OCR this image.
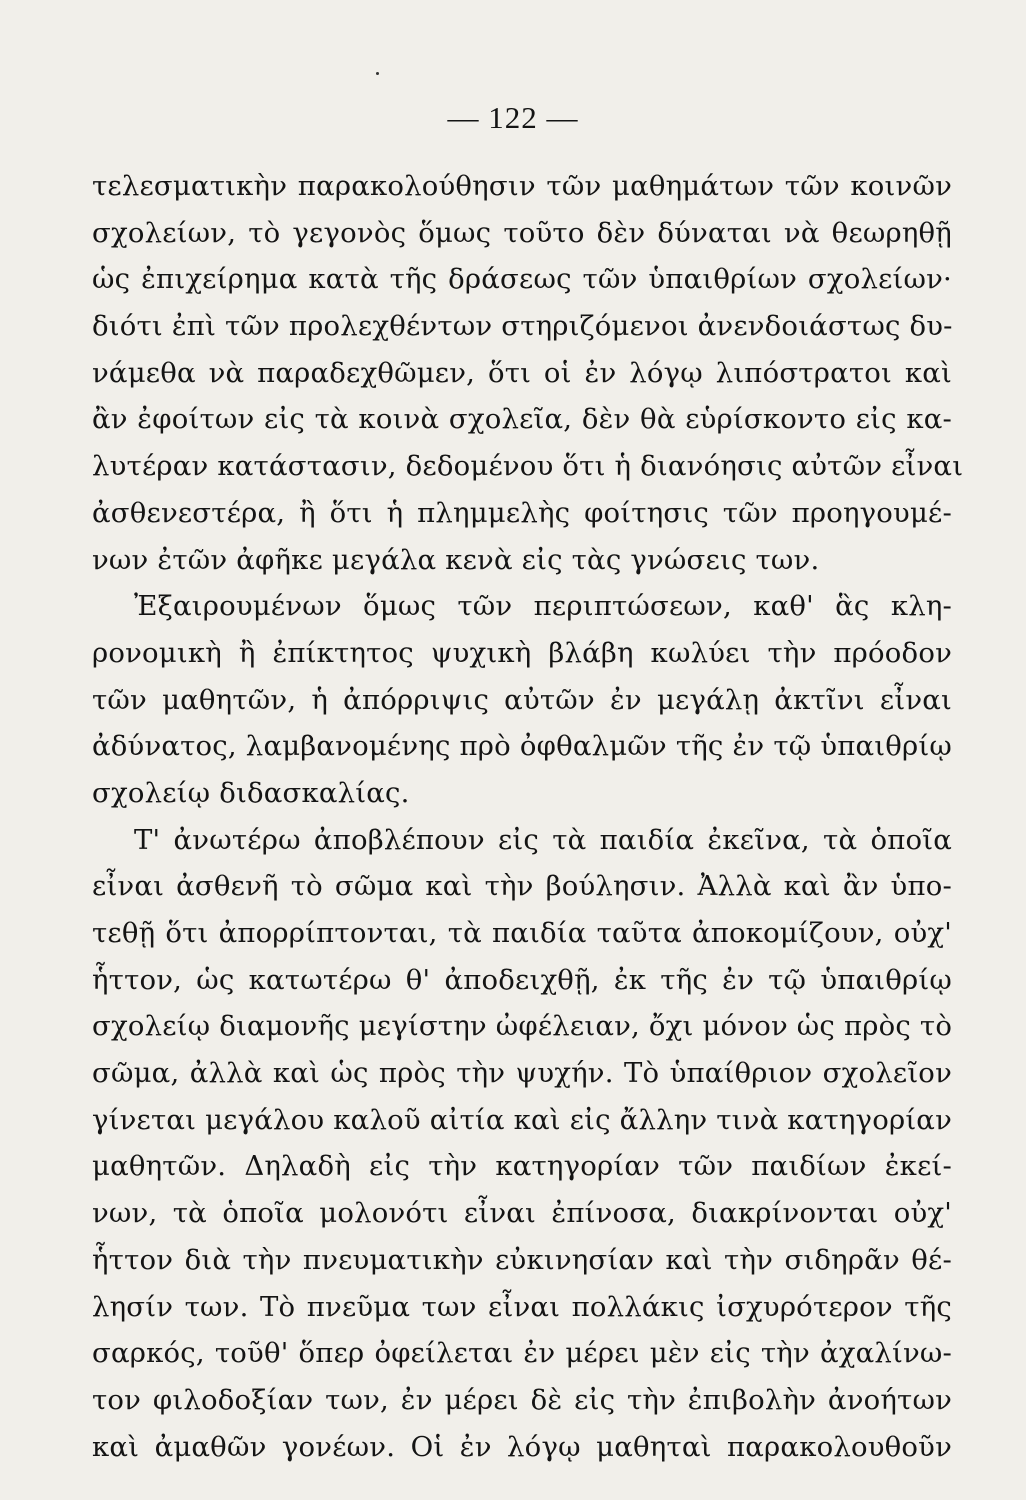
— 122 —
τελεσματικὴν παρακολούθησιν τῶν μαθημάτων τῶν κοινῶν
σχολείων, τὸ γεγονὸς ὅμως τοῦτο δὲν δύναται νὰ θεωρηθῇ
ὡς ἐπιχείρημα κατὰ τῆς δράσεως τῶν ὑπαιθρίων σχολείων·
διότι ἐπὶ τῶν προλεχθέντων στηριζόμενοι ἀνενδοιάστως δυ-
νάμεθα νὰ παραδεχθῶμεν, ὅτι οἱ ἐν λόγῳ λιπόστρατοι καὶ
ἂν ἐφοίτων εἰς τὰ κοινὰ σχολεῖα, δὲν θὰ εὑρίσκοντο εἰς κα-
λυτέραν κατάστασιν, δεδομένου ὅτι ἡ διανόησις αὐτῶν εἶναι
ἀσθενεστέρα, ἢ ὅτι ἡ πλημμελὴς φοίτησις τῶν προηγουμέ-
νων ἐτῶν ἀφῆκε μεγάλα κενὰ εἰς τὰς γνώσεις των.
Ἐξαιρουμένων ὅμως τῶν περιπτώσεων, καθ' ἃς κλη-
ρονομικὴ ἢ ἐπίκτητος ψυχικὴ βλάβη κωλύει τὴν πρόοδον
τῶν μαθητῶν, ἡ ἀπόρριψις αὐτῶν ἐν μεγάλῃ ἀκτῖνι εἶναι
ἀδύνατος, λαμβανομένης πρὸ ὀφθαλμῶν τῆς ἐν τῷ ὑπαιθρίῳ
σχολείῳ διδασκαλίας.
Τ' ἀνωτέρω ἀποβλέπουν εἰς τὰ παιδία ἐκεῖνα, τὰ ὁποῖα
εἶναι ἀσθενῆ τὸ σῶμα καὶ τὴν βούλησιν. Ἀλλὰ καὶ ἂν ὑπο-
τεθῇ ὅτι ἀπορρίπτονται, τὰ παιδία ταῦτα ἀποκομίζουν, οὐχ'
ἧττον, ὡς κατωτέρω θ' ἀποδειχθῇ, ἐκ τῆς ἐν τῷ ὑπαιθρίῳ
σχολείῳ διαμονῆς μεγίστην ὠφέλειαν, ὄχι μόνον ὡς πρὸς τὸ
σῶμα, ἀλλὰ καὶ ὡς πρὸς τὴν ψυχήν. Τὸ ὑπαίθριον σχολεῖον
γίνεται μεγάλου καλοῦ αἰτία καὶ εἰς ἄλλην τινὰ κατηγορίαν
μαθητῶν. Δηλαδὴ εἰς τὴν κατηγορίαν τῶν παιδίων ἐκεί-
νων, τὰ ὁποῖα μολονότι εἶναι ἐπίνοσα, διακρίνονται οὐχ'
ἧττον διὰ τὴν πνευματικὴν εὐκινησίαν καὶ τὴν σιδηρᾶν θέ-
λησίν των. Τὸ πνεῦμα των εἶναι πολλάκις ἰσχυρότερον τῆς
σαρκός, τοῦθ' ὅπερ ὀφείλεται ἐν μέρει μὲν εἰς τὴν ἀχαλίνω-
τον φιλοδοξίαν των, ἐν μέρει δὲ εἰς τὴν ἐπιβολὴν ἀνοήτων
καὶ ἀμαθῶν γονέων. Οἱ ἐν λόγῳ μαθηταὶ παρακολουθοῦν
